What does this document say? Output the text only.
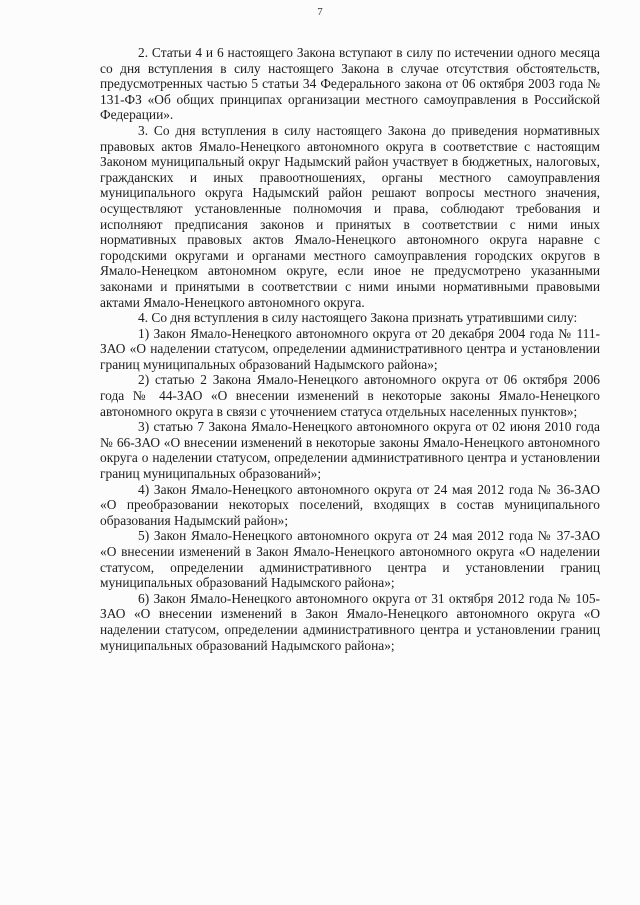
7

2. Статьи 4 и 6 настоящего Закона вступают в силу по истечении одного месяца со дня вступления в силу настоящего Закона в случае отсутствия обстоятельств, предусмотренных частью 5 статьи 34 Федерального закона от 06 октября 2003 года № 131-ФЗ «Об общих принципах организации местного самоуправления в Российской Федерации».

3. Со дня вступления в силу настоящего Закона до приведения нормативных правовых актов Ямало-Ненецкого автономного округа в соответствие с настоящим Законом муниципальный округ Надымский район участвует в бюджетных, налоговых, гражданских и иных правоотношениях, органы местного самоуправления муниципального округа Надымский район решают вопросы местного значения, осуществляют установленные полномочия и права, соблюдают требования и исполняют предписания законов и принятых в соответствии с ними иных нормативных правовых актов Ямало-Ненецкого автономного округа наравне с городскими округами и органами местного самоуправления городских округов в Ямало-Ненецком автономном округе, если иное не предусмотрено указанными законами и принятыми в соответствии с ними иными нормативными правовыми актами Ямало-Ненецкого автономного округа.

4. Со дня вступления в силу настоящего Закона признать утратившими силу:

1) Закон Ямало-Ненецкого автономного округа от 20 декабря 2004 года № 111-ЗАО «О наделении статусом, определении административного центра и установлении границ муниципальных образований Надымского района»;

2) статью 2 Закона Ямало-Ненецкого автономного округа от 06 октября 2006 года № 44-ЗАО «О внесении изменений в некоторые законы Ямало-Ненецкого автономного округа в связи с уточнением статуса отдельных населенных пунктов»;

3) статью 7 Закона Ямало-Ненецкого автономного округа от 02 июня 2010 года № 66-ЗАО «О внесении изменений в некоторые законы Ямало-Ненецкого автономного округа о наделении статусом, определении административного центра и установлении границ муниципальных образований»;

4) Закон Ямало-Ненецкого автономного округа от 24 мая 2012 года № 36-ЗАО «О преобразовании некоторых поселений, входящих в состав муниципального образования Надымский район»;

5) Закон Ямало-Ненецкого автономного округа от 24 мая 2012 года № 37-ЗАО «О внесении изменений в Закон Ямало-Ненецкого автономного округа «О наделении статусом, определении административного центра и установлении границ муниципальных образований Надымского района»;

6) Закон Ямало-Ненецкого автономного округа от 31 октября 2012 года № 105-ЗАО «О внесении изменений в Закон Ямало-Ненецкого автономного округа «О наделении статусом, определении административного центра и установлении границ муниципальных образований Надымского района»;
